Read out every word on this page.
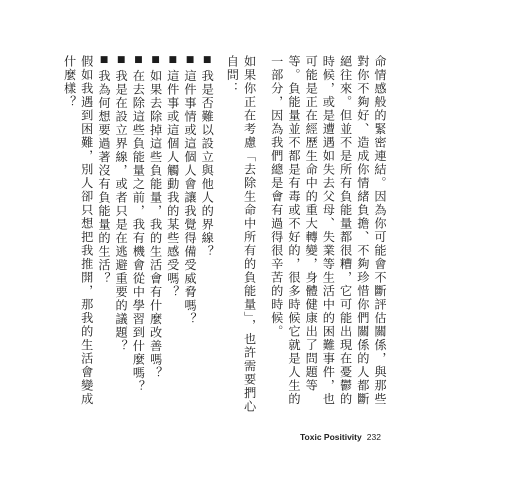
命情感般的緊密連結。因為你可能會不斷評估關係，與那些對你不夠好、造成你情緒負擔、不夠珍惜你們關係的人都斷絕往來。但並不是所有負能量都很糟，它可能出現在憂鬱的時候，或是遭遇如失去父母、失業等生活中的困難事件，也可能是正在經歷生命中的重大轉變，身體健康出了問題等等。負能量並不都是有毒或不好的，很多時候它就是人生的一部分，因為我們總是會有過得很辛苦的時候。

如果你正在考慮「去除生命中所有的負能量」，也許需要捫心自問：

■我是否難以設立與他人的界線？
■這件事情或這個人會讓我覺得備受威脅嗎？
■這件事或這個人觸動我的某些感受嗎？
■如果去除掉這些負能量，我的生活會有什麼改善嗎？
■在去除這些負能量之前，我有機會從中學習到什麼嗎？
■我是在設立界線，或者只是在逃避重要的議題？
■我為何想要過著沒有負能量的生活？

假如我遇到困難，別人卻只想把我推開，那我的生活會變成什麼樣？

Toxic Positivity 232
